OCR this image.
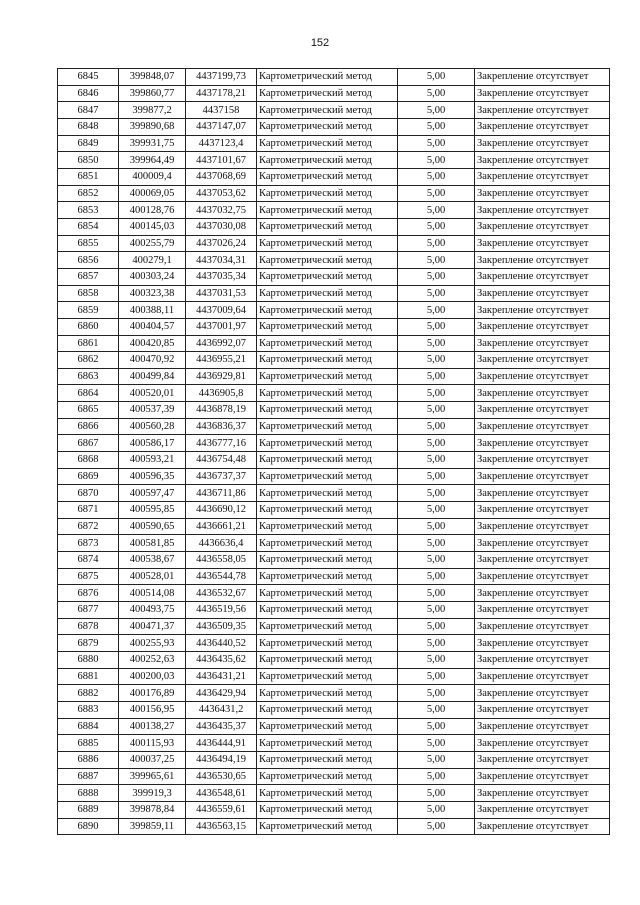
152
6845	399848,07	4437199,73	Картометрический метод	5,00	Закрепление отсутствует
6846	399860,77	4437178,21	Картометрический метод	5,00	Закрепление отсутствует
6847	399877,2	4437158	Картометрический метод	5,00	Закрепление отсутствует
6848	399890,68	4437147,07	Картометрический метод	5,00	Закрепление отсутствует
6849	399931,75	4437123,4	Картометрический метод	5,00	Закрепление отсутствует
6850	399964,49	4437101,67	Картометрический метод	5,00	Закрепление отсутствует
6851	400009,4	4437068,69	Картометрический метод	5,00	Закрепление отсутствует
6852	400069,05	4437053,62	Картометрический метод	5,00	Закрепление отсутствует
6853	400128,76	4437032,75	Картометрический метод	5,00	Закрепление отсутствует
6854	400145,03	4437030,08	Картометрический метод	5,00	Закрепление отсутствует
6855	400255,79	4437026,24	Картометрический метод	5,00	Закрепление отсутствует
6856	400279,1	4437034,31	Картометрический метод	5,00	Закрепление отсутствует
6857	400303,24	4437035,34	Картометрический метод	5,00	Закрепление отсутствует
6858	400323,38	4437031,53	Картометрический метод	5,00	Закрепление отсутствует
6859	400388,11	4437009,64	Картометрический метод	5,00	Закрепление отсутствует
6860	400404,57	4437001,97	Картометрический метод	5,00	Закрепление отсутствует
6861	400420,85	4436992,07	Картометрический метод	5,00	Закрепление отсутствует
6862	400470,92	4436955,21	Картометрический метод	5,00	Закрепление отсутствует
6863	400499,84	4436929,81	Картометрический метод	5,00	Закрепление отсутствует
6864	400520,01	4436905,8	Картометрический метод	5,00	Закрепление отсутствует
6865	400537,39	4436878,19	Картометрический метод	5,00	Закрепление отсутствует
6866	400560,28	4436836,37	Картометрический метод	5,00	Закрепление отсутствует
6867	400586,17	4436777,16	Картометрический метод	5,00	Закрепление отсутствует
6868	400593,21	4436754,48	Картометрический метод	5,00	Закрепление отсутствует
6869	400596,35	4436737,37	Картометрический метод	5,00	Закрепление отсутствует
6870	400597,47	4436711,86	Картометрический метод	5,00	Закрепление отсутствует
6871	400595,85	4436690,12	Картометрический метод	5,00	Закрепление отсутствует
6872	400590,65	4436661,21	Картометрический метод	5,00	Закрепление отсутствует
6873	400581,85	4436636,4	Картометрический метод	5,00	Закрепление отсутствует
6874	400538,67	4436558,05	Картометрический метод	5,00	Закрепление отсутствует
6875	400528,01	4436544,78	Картометрический метод	5,00	Закрепление отсутствует
6876	400514,08	4436532,67	Картометрический метод	5,00	Закрепление отсутствует
6877	400493,75	4436519,56	Картометрический метод	5,00	Закрепление отсутствует
6878	400471,37	4436509,35	Картометрический метод	5,00	Закрепление отсутствует
6879	400255,93	4436440,52	Картометрический метод	5,00	Закрепление отсутствует
6880	400252,63	4436435,62	Картометрический метод	5,00	Закрепление отсутствует
6881	400200,03	4436431,21	Картометрический метод	5,00	Закрепление отсутствует
6882	400176,89	4436429,94	Картометрический метод	5,00	Закрепление отсутствует
6883	400156,95	4436431,2	Картометрический метод	5,00	Закрепление отсутствует
6884	400138,27	4436435,37	Картометрический метод	5,00	Закрепление отсутствует
6885	400115,93	4436444,91	Картометрический метод	5,00	Закрепление отсутствует
6886	400037,25	4436494,19	Картометрический метод	5,00	Закрепление отсутствует
6887	399965,61	4436530,65	Картометрический метод	5,00	Закрепление отсутствует
6888	399919,3	4436548,61	Картометрический метод	5,00	Закрепление отсутствует
6889	399878,84	4436559,61	Картометрический метод	5,00	Закрепление отсутствует
6890	399859,11	4436563,15	Картометрический метод	5,00	Закрепление отсутствует
